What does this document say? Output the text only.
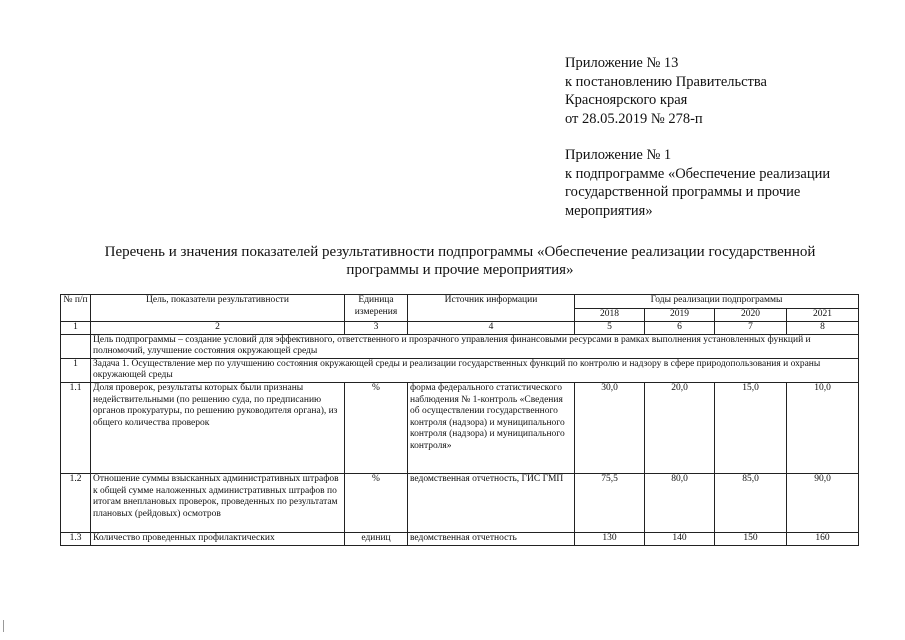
Приложение № 13
к постановлению Правительства
Красноярского края
от 28.05.2019 № 278-п
Приложение № 1
к подпрограмме «Обеспечение реализации
государственной программы и прочие
мероприятия»
Перечень и значения показателей результативности подпрограммы «Обеспечение реализации государственной
программы и прочие мероприятия»
№ п/п	Цель, показатели результативности	Единица измерения	Источник информации	Годы реализации подпрограммы			
				2018	2019	2020	2021
1	2	3	4	5	6	7	8
	Цель подпрограммы – создание условий для эффективного, ответственного и прозрачного управления финансовыми ресурсами в рамках выполнения установленных функций и полномочий, улучшение состояния окружающей среды						
1	Задача 1. Осуществление мер по улучшению состояния окружающей среды и реализации государственных функций по контролю и надзору в сфере природопользования и охраны окружающей среды						
1.1	Доля проверок, результаты которых были признаны недействительными (по решению суда, по предписанию органов прокуратуры, по решению руководителя органа), из общего количества проверок	%	форма федерального статистического наблюдения № 1-контроль «Сведения об осуществлении государственного контроля (надзора) и муниципального контроля (надзора) и муниципального контроля»	30,0	20,0	15,0	10,0
1.2	Отношение суммы взысканных административных штрафов к общей сумме наложенных административных штрафов по итогам внеплановых проверок, проведенных по результатам плановых (рейдовых) осмотров	%	ведомственная отчетность, ГИС ГМП	75,5	80,0	85,0	90,0
1.3	Количество проведенных профилактических	единиц	ведомственная отчетность	130	140	150	160
